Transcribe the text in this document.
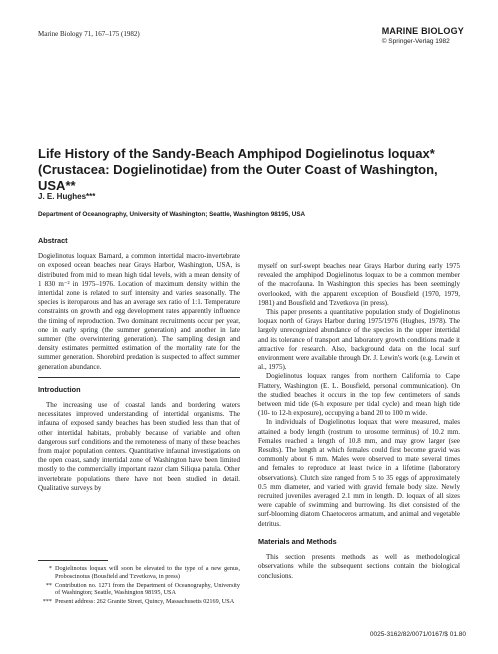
Marine Biology 71, 167–175 (1982)	MARINE BIOLOGY
© Springer-Verlag 1982
Life History of the Sandy-Beach Amphipod Dogielinotus loquax* (Crustacea: Dogielinotidae) from the Outer Coast of Washington, USA**
J. E. Hughes***
Department of Oceanography, University of Washington; Seattle, Washington 98195, USA
Abstract

Dogielinotus loquax Barnard, a common intertidal macro-invertebrate on exposed ocean beaches near Grays Harbor, Washington, USA, is distributed from mid to mean high tidal levels, with a mean density of 1 830 m⁻² in 1975–1976. Location of maximum density within the intertidal zone is related to surf intensity and varies seasonally. The species is iteroparous and has an average sex ratio of 1:1. Temperature constraints on growth and egg development rates apparently influence the timing of reproduction. Two dominant recruitments occur per year, one in early spring (the summer generation) and another in late summer (the overwintering generation). The sampling design and density estimates permitted estimation of the mortality rate for the summer generation. Shorebird predation is suspected to affect summer generation abundance.

Introduction

The increasing use of coastal lands and bordering waters necessitates improved understanding of intertidal organisms. The infauna of exposed sandy beaches has been studied less than that of other intertidal habitats, probably because of variable and often dangerous surf conditions and the remoteness of many of these beaches from major population centers. Quantitative infaunal investigations on the open coast, sandy intertidal zone of Washington have been limited mostly to the commercially important razor clam Siliqua patula. Other invertebrate populations there have not been studied in detail. Qualitative surveys by

myself on surf-swept beaches near Grays Harbor during early 1975 revealed the amphipod Dogielinotus loquax to be a common member of the macrofauna. In Washington this species has been seemingly overlooked, with the apparent exception of Bousfield (1970, 1979, 1981) and Bousfield and Tzvetkova (in press).

This paper presents a quantitative population study of Dogielinotus loquax north of Grays Harbor during 1975/1976 (Hughes, 1978). The largely unrecognized abundance of the species in the upper intertidal and its tolerance of transport and laboratory growth conditions made it attractive for research. Also, background data on the local surf environment were available through Dr. J. Lewin's work (e.g. Lewin et al., 1975).

Dogielinotus loquax ranges from northern California to Cape Flattery, Washington (E. L. Bousfield, personal communication). On the studied beaches it occurs in the top few centimeters of sands between mid tide (6-h exposure per tidal cycle) and mean high tide (10- to 12-h exposure), occupying a band 20 to 100 m wide.

In individuals of Dogielinotus loquax that were measured, males attained a body length (rostrum to urosome terminus) of 10.2 mm. Females reached a length of 10.8 mm, and may grow larger (see Results). The length at which females could first become gravid was commonly about 6 mm. Males were observed to mate several times and females to reproduce at least twice in a lifetime (laboratory observations). Clutch size ranged from 5 to 35 eggs of approximately 0.5 mm diameter, and varied with gravid female body size. Newly recruited juveniles averaged 2.1 mm in length. D. loquax of all sizes were capable of swimming and burrowing. Its diet consisted of the surf-blooming diatom Chaetoceros armatum, and animal and vegetable detritus.

Materials and Methods

This section presents methods as well as methodological observations while the subsequent sections contain the biological conclusions.

* Dogielinotus loquax will soon be elevated to the type of a new genus, Proboscinotus (Bousfield and Tzvetkova, in press)
** Contribution no. 1271 from the Department of Oceanography, University of Washington; Seattle, Washington 98195, USA
*** Present address: 262 Granite Street, Quincy, Massachusetts 02169, USA
0025-3162/82/0071/0167/$ 01.80
